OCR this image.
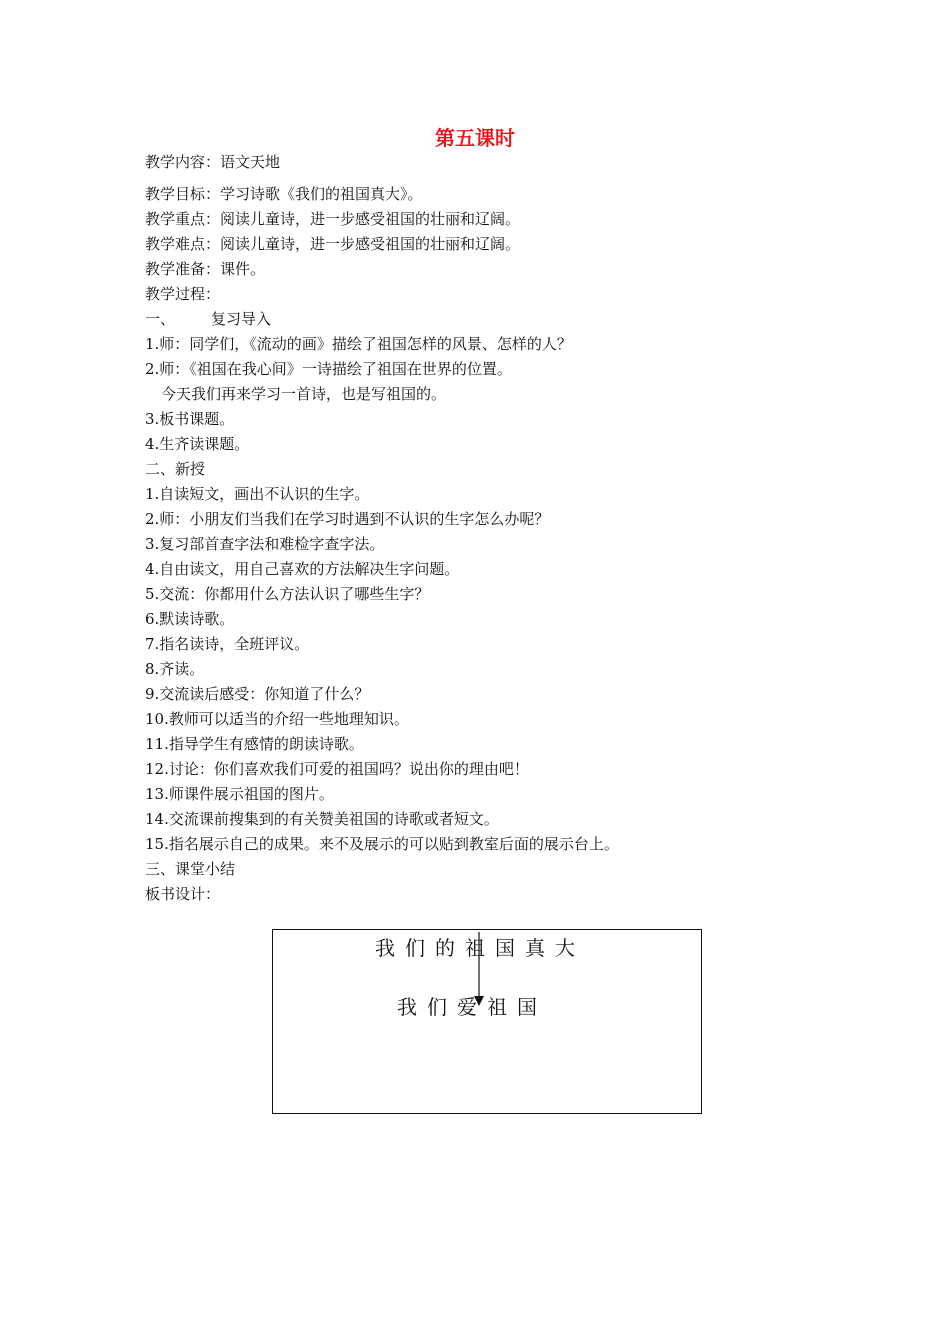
第五课时
教学内容：语文天地
教学目标：学习诗歌《我们的祖国真大》。
教学重点：阅读儿童诗，进一步感受祖国的壮丽和辽阔。
教学难点：阅读儿童诗，进一步感受祖国的壮丽和辽阔。
教学准备：课件。
教学过程：
一、 复习导入
1.师：同学们，《流动的画》描绘了祖国怎样的风景、怎样的人？
2.师：《祖国在我心间》一诗描绘了祖国在世界的位置。
今天我们再来学习一首诗，也是写祖国的。
3.板书课题。
4.生齐读课题。
二、新授
1.自读短文，画出不认识的生字。
2.师：小朋友们当我们在学习时遇到不认识的生字怎么办呢？
3.复习部首查字法和难检字查字法。
4.自由读文，用自己喜欢的方法解决生字问题。
5.交流：你都用什么方法认识了哪些生字？
6.默读诗歌。
7.指名读诗，全班评议。
8.齐读。
9.交流读后感受：你知道了什么？
10.教师可以适当的介绍一些地理知识。
11.指导学生有感情的朗读诗歌。
12.讨论：你们喜欢我们可爱的祖国吗？说出你的理由吧！
13.师课件展示祖国的图片。
14.交流课前搜集到的有关赞美祖国的诗歌或者短文。
15.指名展示自己的成果。来不及展示的可以贴到教室后面的展示台上。
三、课堂小结
板书设计：
我们的祖国真大
我们爱祖国
